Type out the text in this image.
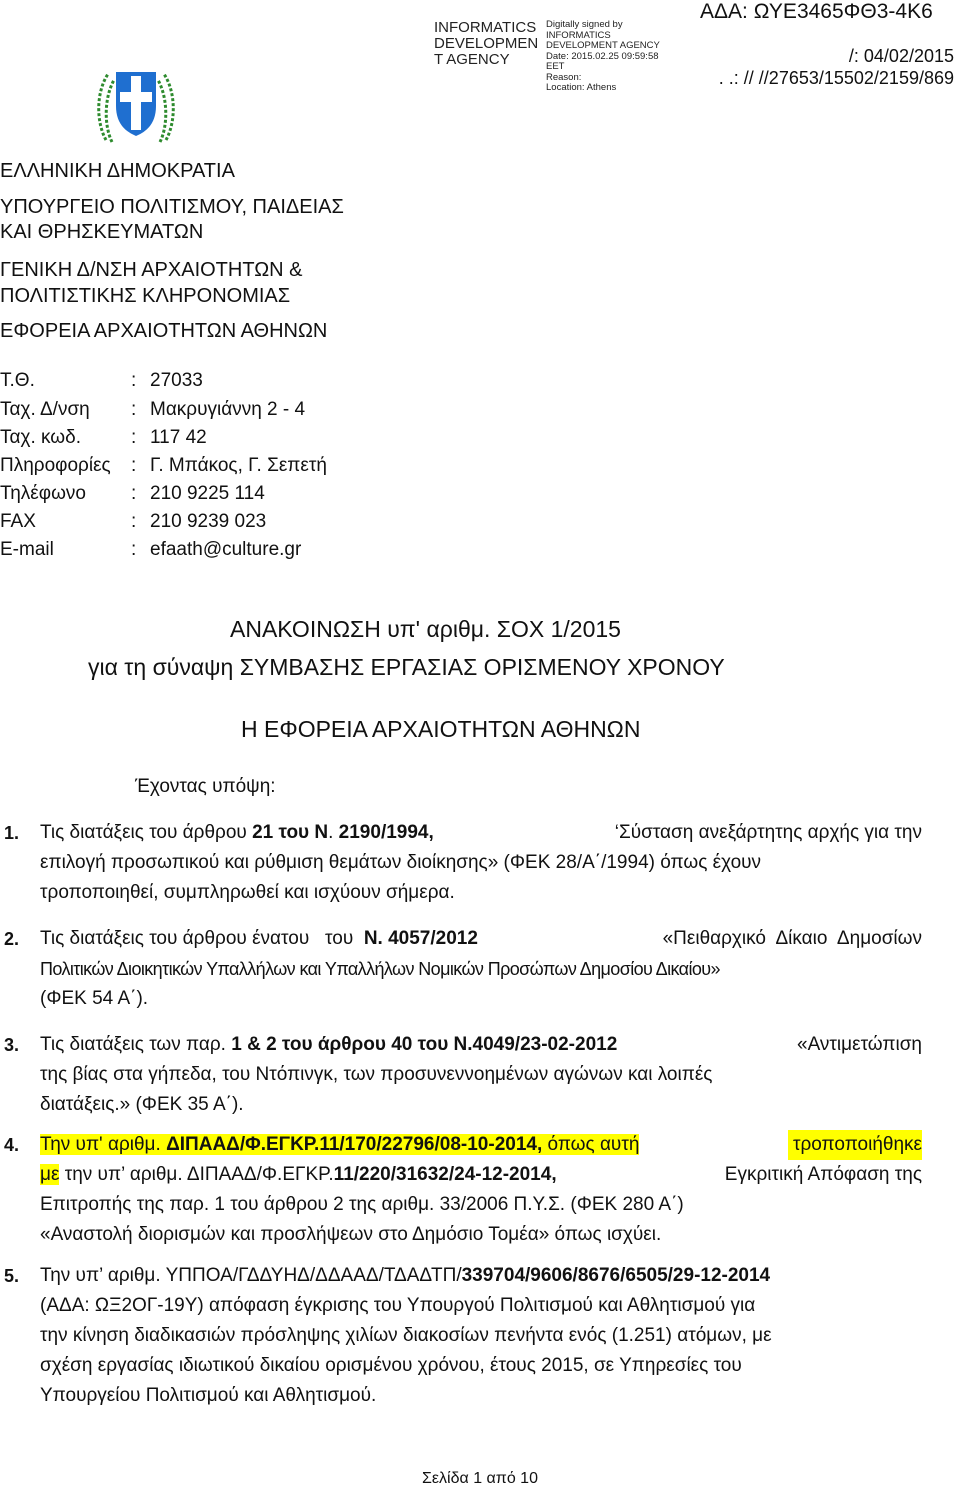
INFORMATICS
DEVELOPMEN
T AGENCY
Digitally signed by
INFORMATICS
DEVELOPMENT AGENCY
Date: 2015.02.25 09:59:58
EET
Reason:
Location: Athens
ΑΔΑ: ΩΥΕ3465ΦΘ3-4Κ6
/: 04/02/2015
. .: // //27653/15502/2159/869
ΕΛΛΗΝΙΚΗ ΔΗΜΟΚΡΑΤΙΑ
ΥΠΟΥΡΓΕΙΟ ΠΟΛΙΤΙΣΜΟΥ, ΠΑΙΔΕΙΑΣ
ΚΑΙ ΘΡΗΣΚΕΥΜΑΤΩΝ
ΓΕΝΙΚΗ Δ/ΝΣΗ ΑΡΧΑΙΟΤΗΤΩΝ &
ΠΟΛΙΤΙΣΤΙΚΗΣ ΚΛΗΡΟΝΟΜΙΑΣ
ΕΦΟΡΕΙΑ ΑΡΧΑΙΟΤΗΤΩΝ ΑΘΗΝΩΝ
Τ.Θ.	: 27033
Ταχ. Δ/νση : Μακρυγιάννη 2 - 4
Ταχ. κωδ.	: 117 42
Πληροφορίες : Γ. Μπάκος, Γ. Σεπετή
Τηλέφωνο : 210 9225 114
FAX	: 210 9239 023
E-mail	: efaath@culture.gr
ΑΝΑΚΟΙΝΩΣΗ υπ' αριθμ. ΣΟΧ 1/2015
για τη σύναψη ΣΥΜΒΑΣΗΣ ΕΡΓΑΣΙΑΣ ΟΡΙΣΜΕΝΟΥ ΧΡΟΝΟΥ
Η ΕΦΟΡΕΙΑ ΑΡΧΑΙΟΤΗΤΩΝ ΑΘΗΝΩΝ
Έχοντας υπόψη:
1. Τις διατάξεις του άρθρου 21 του Ν. 2190/1994,	‘Σύσταση ανεξάρτητης αρχής για την
επιλογή προσωπικού και ρύθμιση θεμάτων διοίκησης» (ΦΕΚ 28/Α΄/1994) όπως έχουν
τροποποιηθεί, συμπληρωθεί και ισχύουν σήμερα.
2. Τις διατάξεις του άρθρου ένατου   του  Ν. 4057/2012	«Πειθαρχικό  Δίκαιο  Δημοσίων
Πολιτικών Διοικητικών Υπαλλήλων και Υπαλλήλων Νομικών Προσώπων Δημοσίου Δικαίου»
(ΦΕΚ 54 Α΄).
3. Τις διατάξεις των παρ. 1 & 2 του άρθρου 40 του Ν.4049/23-02-2012	«Αντιμετώπιση
της βίας στα γήπεδα, του Ντόπινγκ, των προσυνεννοημένων αγώνων και λοιπές
διατάξεις.» (ΦΕΚ 35 Α΄).
4. Την υπ' αριθμ. ΔΙΠΑΑΔ/Φ.ΕΓΚΡ.11/170/22796/08-10-2014, όπως αυτή	τροποποιήθηκε
με την υπ’ αριθμ. ΔΙΠΑΑΔ/Φ.ΕΓΚΡ.11/220/31632/24-12-2014,	Εγκριτική Απόφαση της
Επιτροπής της παρ. 1 του άρθρου 2 της αριθμ. 33/2006 Π.Υ.Σ. (ΦΕΚ 280 Α΄)
«Αναστολή διορισμών και προσλήψεων στο Δημόσιο Τομέα» όπως ισχύει.
5. Την υπ’ αριθμ. ΥΠΠΟΑ/ΓΔΔΥΗΔ/ΔΔΑΑΔ/ΤΔΑΔΤΠ/339704/9606/8676/6505/29-12-2014
(ΑΔΑ: ΩΞ2ΟΓ-19Υ) απόφαση έγκρισης του Υπουργού Πολιτισμού και Αθλητισμού για
την κίνηση διαδικασιών πρόσληψης χιλίων διακοσίων πενήντα ενός (1.251) ατόμων, με
σχέση εργασίας ιδιωτικού δικαίου ορισμένου χρόνου, έτους 2015, σε Υπηρεσίες του
Υπουργείου Πολιτισμού και Αθλητισμού.
Σελίδα 1 από 10
